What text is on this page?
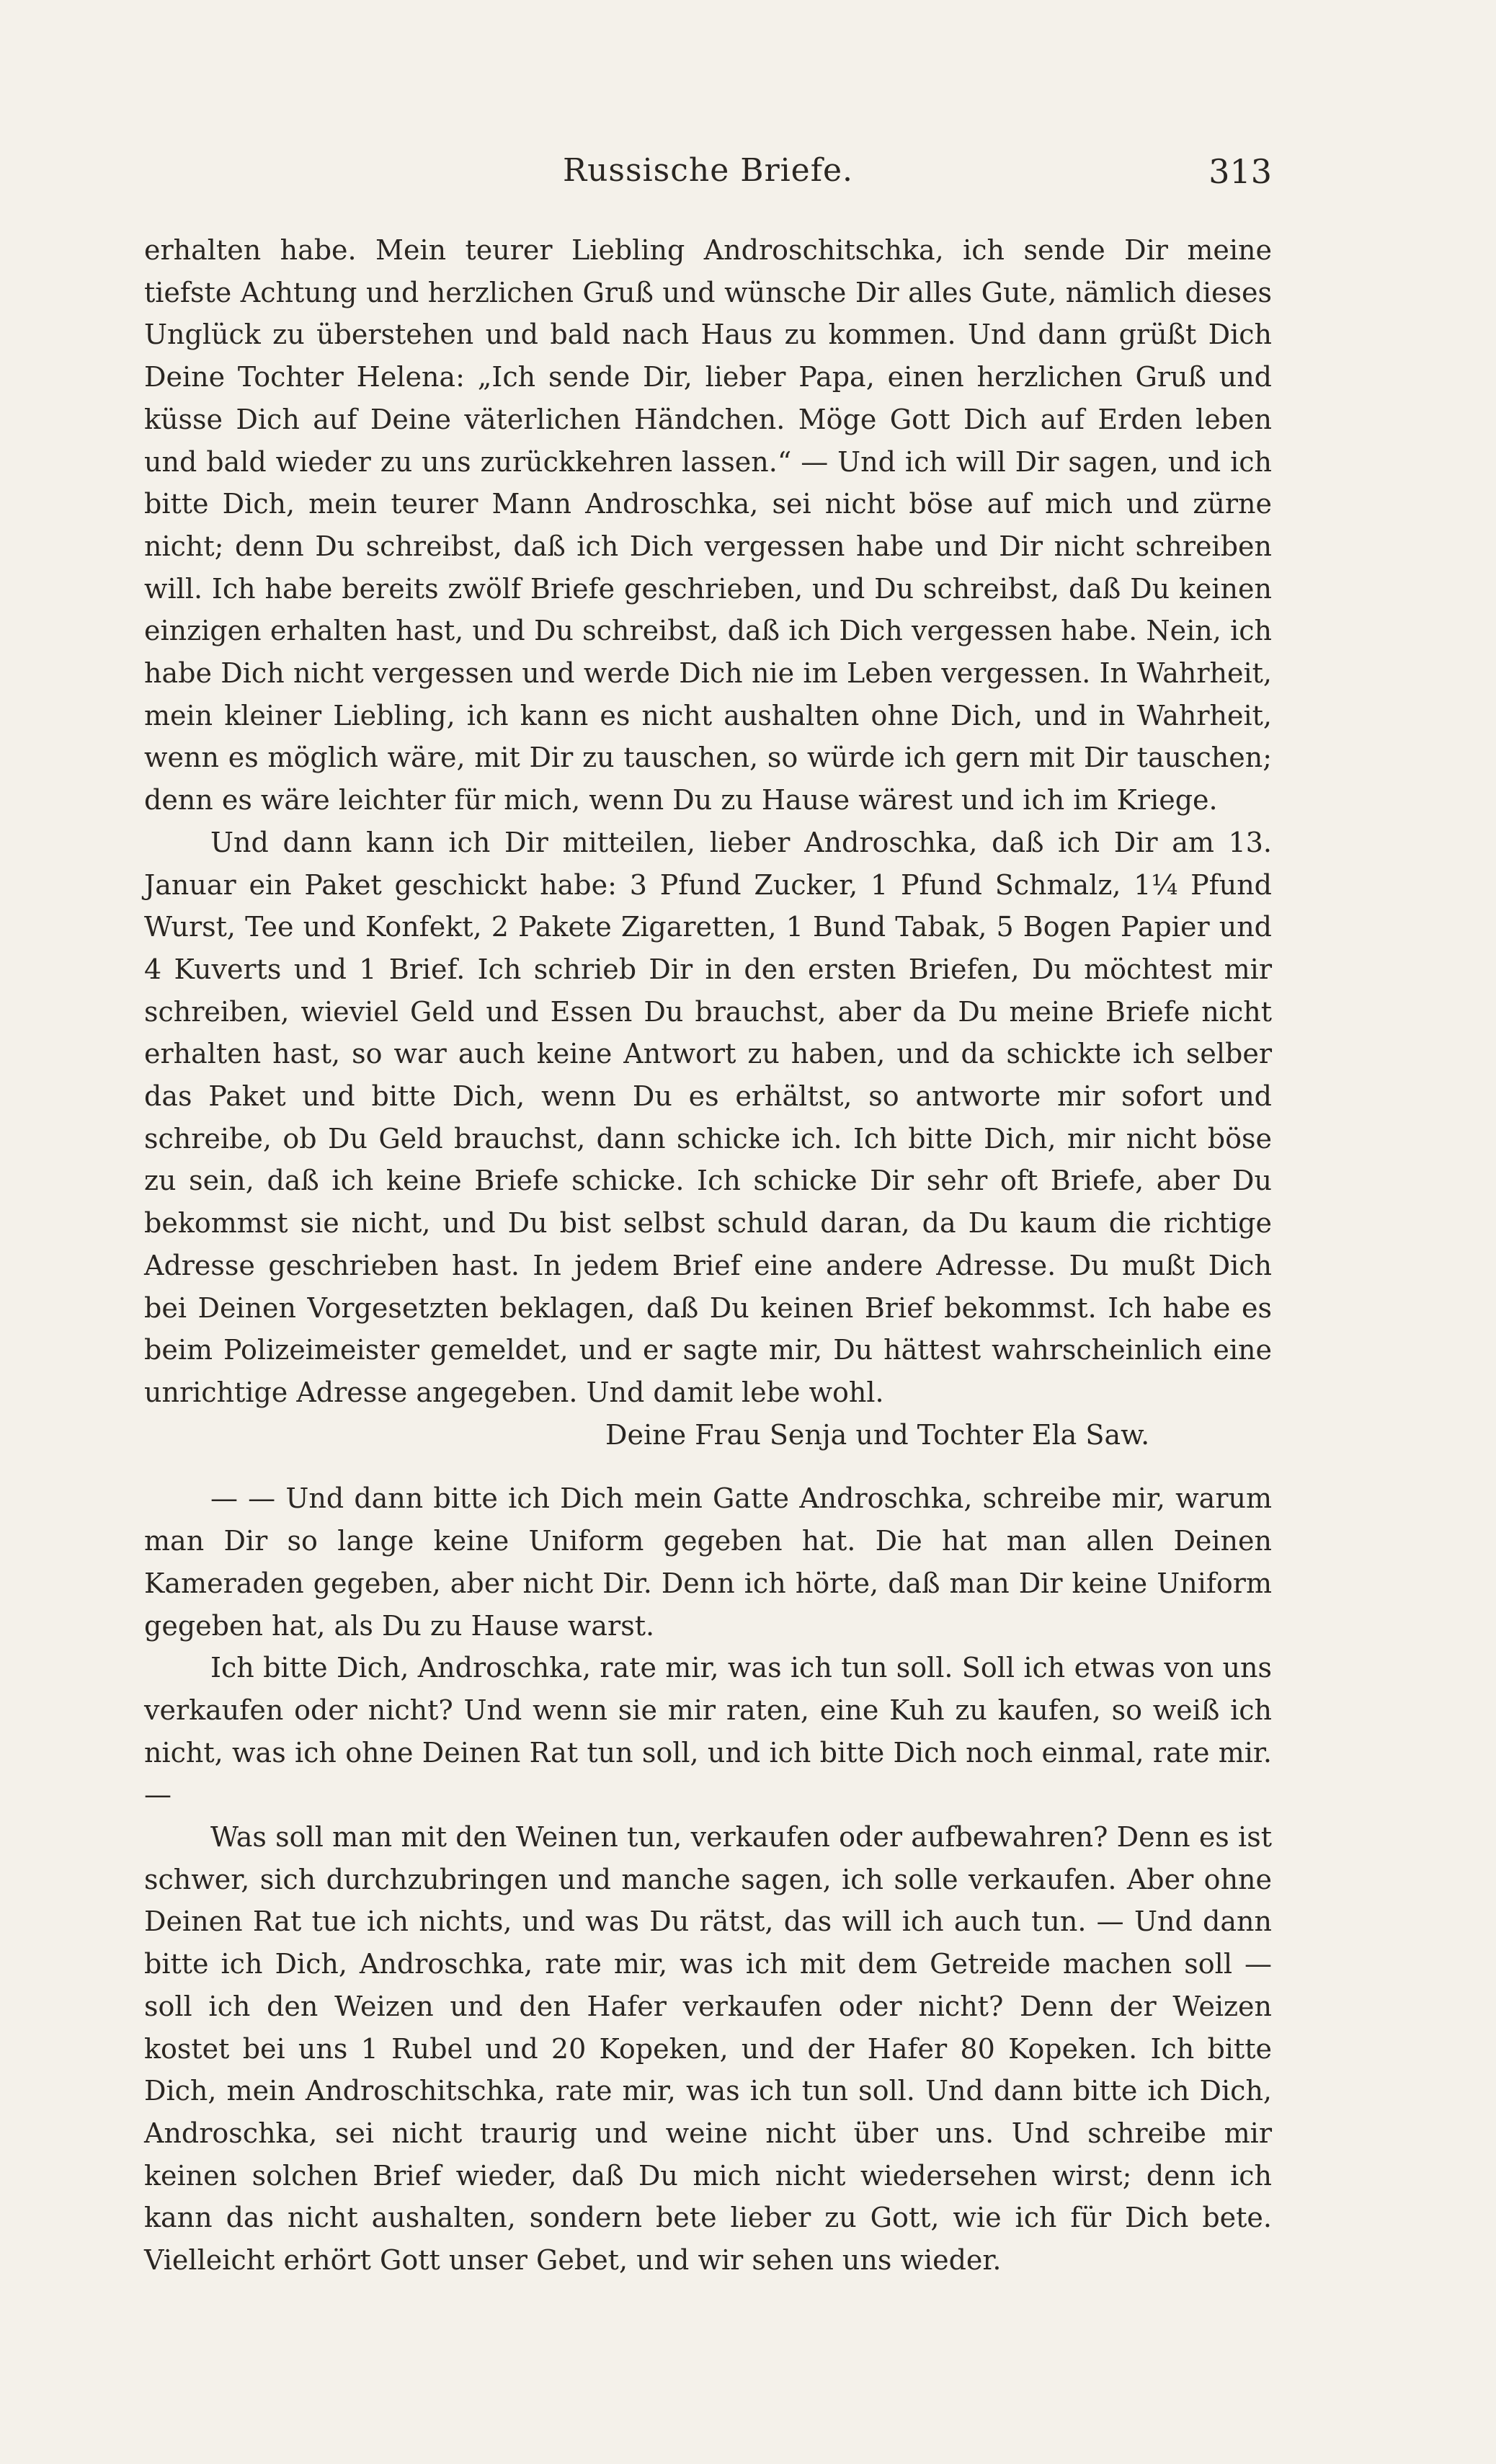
Russische Briefe.	313

erhalten habe. Mein teurer Liebling Androschitschka, ich sende Dir meine tiefste Achtung und herzlichen Gruß und wünsche Dir alles Gute, nämlich dieses Unglück zu überstehen und bald nach Haus zu kommen. Und dann grüßt Dich Deine Tochter Helena: „Ich sende Dir, lieber Papa, einen herzlichen Gruß und küsse Dich auf Deine väterlichen Händchen. Möge Gott Dich auf Erden leben und bald wieder zu uns zurückkehren lassen.“ — Und ich will Dir sagen, und ich bitte Dich, mein teurer Mann Androschka, sei nicht böse auf mich und zürne nicht; denn Du schreibst, daß ich Dich vergessen habe und Dir nicht schreiben will. Ich habe bereits zwölf Briefe geschrieben, und Du schreibst, daß Du keinen einzigen erhalten hast, und Du schreibst, daß ich Dich vergessen habe. Nein, ich habe Dich nicht vergessen und werde Dich nie im Leben vergessen. In Wahrheit, mein kleiner Liebling, ich kann es nicht aushalten ohne Dich, und in Wahrheit, wenn es möglich wäre, mit Dir zu tauschen, so würde ich gern mit Dir tauschen; denn es wäre leichter für mich, wenn Du zu Hause wärest und ich im Kriege.

Und dann kann ich Dir mitteilen, lieber Androschka, daß ich Dir am 13. Januar ein Paket geschickt habe: 3 Pfund Zucker, 1 Pfund Schmalz, 1¼ Pfund Wurst, Tee und Konfekt, 2 Pakete Zigaretten, 1 Bund Tabak, 5 Bogen Papier und 4 Kuverts und 1 Brief. Ich schrieb Dir in den ersten Briefen, Du möchtest mir schreiben, wieviel Geld und Essen Du brauchst, aber da Du meine Briefe nicht erhalten hast, so war auch keine Antwort zu haben, und da schickte ich selber das Paket und bitte Dich, wenn Du es erhältst, so antworte mir sofort und schreibe, ob Du Geld brauchst, dann schicke ich. Ich bitte Dich, mir nicht böse zu sein, daß ich keine Briefe schicke. Ich schicke Dir sehr oft Briefe, aber Du bekommst sie nicht, und Du bist selbst schuld daran, da Du kaum die richtige Adresse geschrieben hast. In jedem Brief eine andere Adresse. Du mußt Dich bei Deinen Vorgesetzten beklagen, daß Du keinen Brief bekommst. Ich habe es beim Polizeimeister gemeldet, und er sagte mir, Du hättest wahrscheinlich eine unrichtige Adresse angegeben. Und damit lebe wohl.

Deine Frau Senja und Tochter Ela Saw.

— — Und dann bitte ich Dich mein Gatte Androschka, schreibe mir, warum man Dir so lange keine Uniform gegeben hat. Die hat man allen Deinen Kameraden gegeben, aber nicht Dir. Denn ich hörte, daß man Dir keine Uniform gegeben hat, als Du zu Hause warst.

Ich bitte Dich, Androschka, rate mir, was ich tun soll. Soll ich etwas von uns verkaufen oder nicht? Und wenn sie mir raten, eine Kuh zu kaufen, so weiß ich nicht, was ich ohne Deinen Rat tun soll, und ich bitte Dich noch einmal, rate mir. —

Was soll man mit den Weinen tun, verkaufen oder aufbewahren? Denn es ist schwer, sich durchzubringen und manche sagen, ich solle verkaufen. Aber ohne Deinen Rat tue ich nichts, und was Du rätst, das will ich auch tun. — Und dann bitte ich Dich, Androschka, rate mir, was ich mit dem Getreide machen soll — soll ich den Weizen und den Hafer verkaufen oder nicht? Denn der Weizen kostet bei uns 1 Rubel und 20 Kopeken, und der Hafer 80 Kopeken. Ich bitte Dich, mein Androschitschka, rate mir, was ich tun soll. Und dann bitte ich Dich, Androschka, sei nicht traurig und weine nicht über uns. Und schreibe mir keinen solchen Brief wieder, daß Du mich nicht wiedersehen wirst; denn ich kann das nicht aushalten, sondern bete lieber zu Gott, wie ich für Dich bete. Vielleicht erhört Gott unser Gebet, und wir sehen uns wieder.
